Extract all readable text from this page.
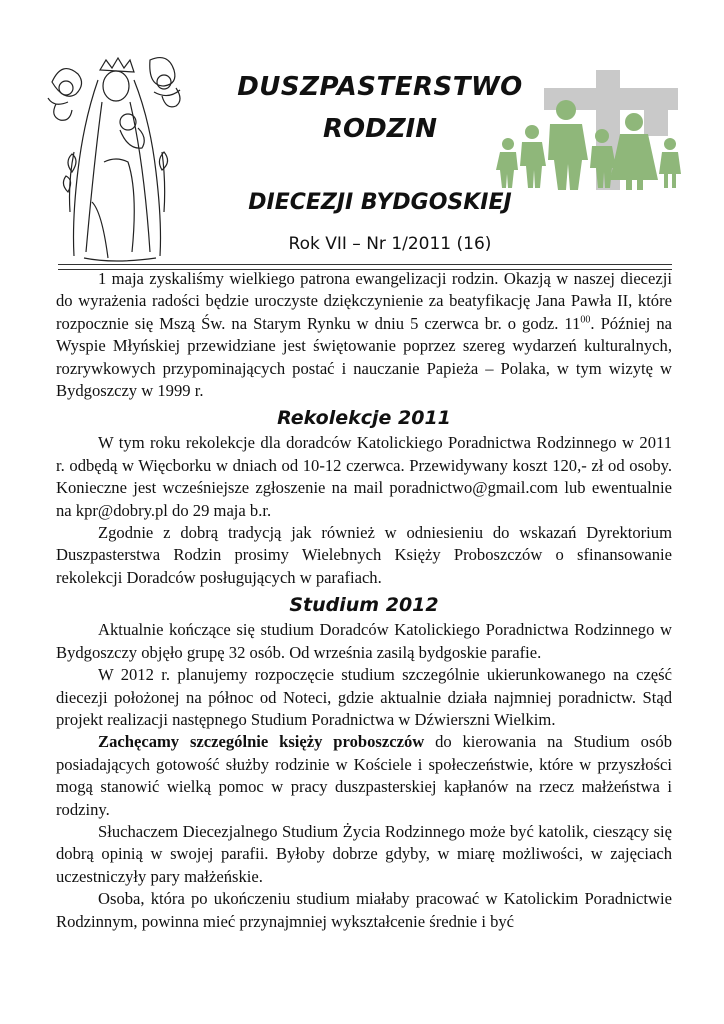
DUSZPASTERSTWO
RODZIN
DIECEZJI BYDGOSKIEJ
Rok VII – Nr 1/2011 (16)

1 maja zyskaliśmy wielkiego patrona ewangelizacji rodzin. Okazją w naszej diecezji do wyrażenia radości będzie uroczyste dziękczynienie za beatyfikację Jana Pawła II, które rozpocznie się Mszą Św. na Starym Rynku w dniu 5 czerwca br. o godz. $11^{00}$. Później na Wyspie Młyńskiej przewidziane jest świętowanie poprzez szereg wydarzeń kulturalnych, rozrywkowych przypominających postać i nauczanie Papieża – Polaka, w tym wizytę w Bydgoszczy w 1999 r.

Rekolekcje 2011

W tym roku rekolekcje dla doradców Katolickiego Poradnictwa Rodzinnego w 2011 r. odbędą w Więcborku w dniach od 10-12 czerwca. Przewidywany koszt 120,- zł od osoby. Konieczne jest wcześniejsze zgłoszenie na mail poradnictwo@gmail.com lub ewentualnie na kpr@dobry.pl do 29 maja b.r.

Zgodnie z dobrą tradycją jak również w odniesieniu do wskazań Dyrektorium Duszpasterstwa Rodzin prosimy Wielebnych Księży Proboszczów o sfinansowanie rekolekcji Doradców posługujących w parafiach.

Studium 2012

Aktualnie kończące się studium Doradców Katolickiego Poradnictwa Rodzinnego w Bydgoszczy objęło grupę 32 osób. Od września zasilą bydgoskie parafie.

W 2012 r. planujemy rozpoczęcie studium szczególnie ukierunkowanego na część diecezji położonej na północ od Noteci, gdzie aktualnie działa najmniej poradnictw. Stąd projekt realizacji następnego Studium Poradnictwa w Dźwierszni Wielkim.

Zachęcamy szczególnie księży proboszczów do kierowania na Studium osób posiadających gotowość służby rodzinie w Kościele i społeczeństwie, które w przyszłości mogą stanowić wielką pomoc w pracy duszpasterskiej kapłanów na rzecz małżeństwa i rodziny.

Słuchaczem Diecezjalnego Studium Życia Rodzinnego może być katolik, cieszący się dobrą opinią w swojej parafii. Byłoby dobrze gdyby, w miarę możliwości, w zajęciach uczestniczyły pary małżeńskie.

Osoba, która po ukończeniu studium miałaby pracować w Katolickim Poradnictwie Rodzinnym, powinna mieć przynajmniej wykształcenie średnie i być
